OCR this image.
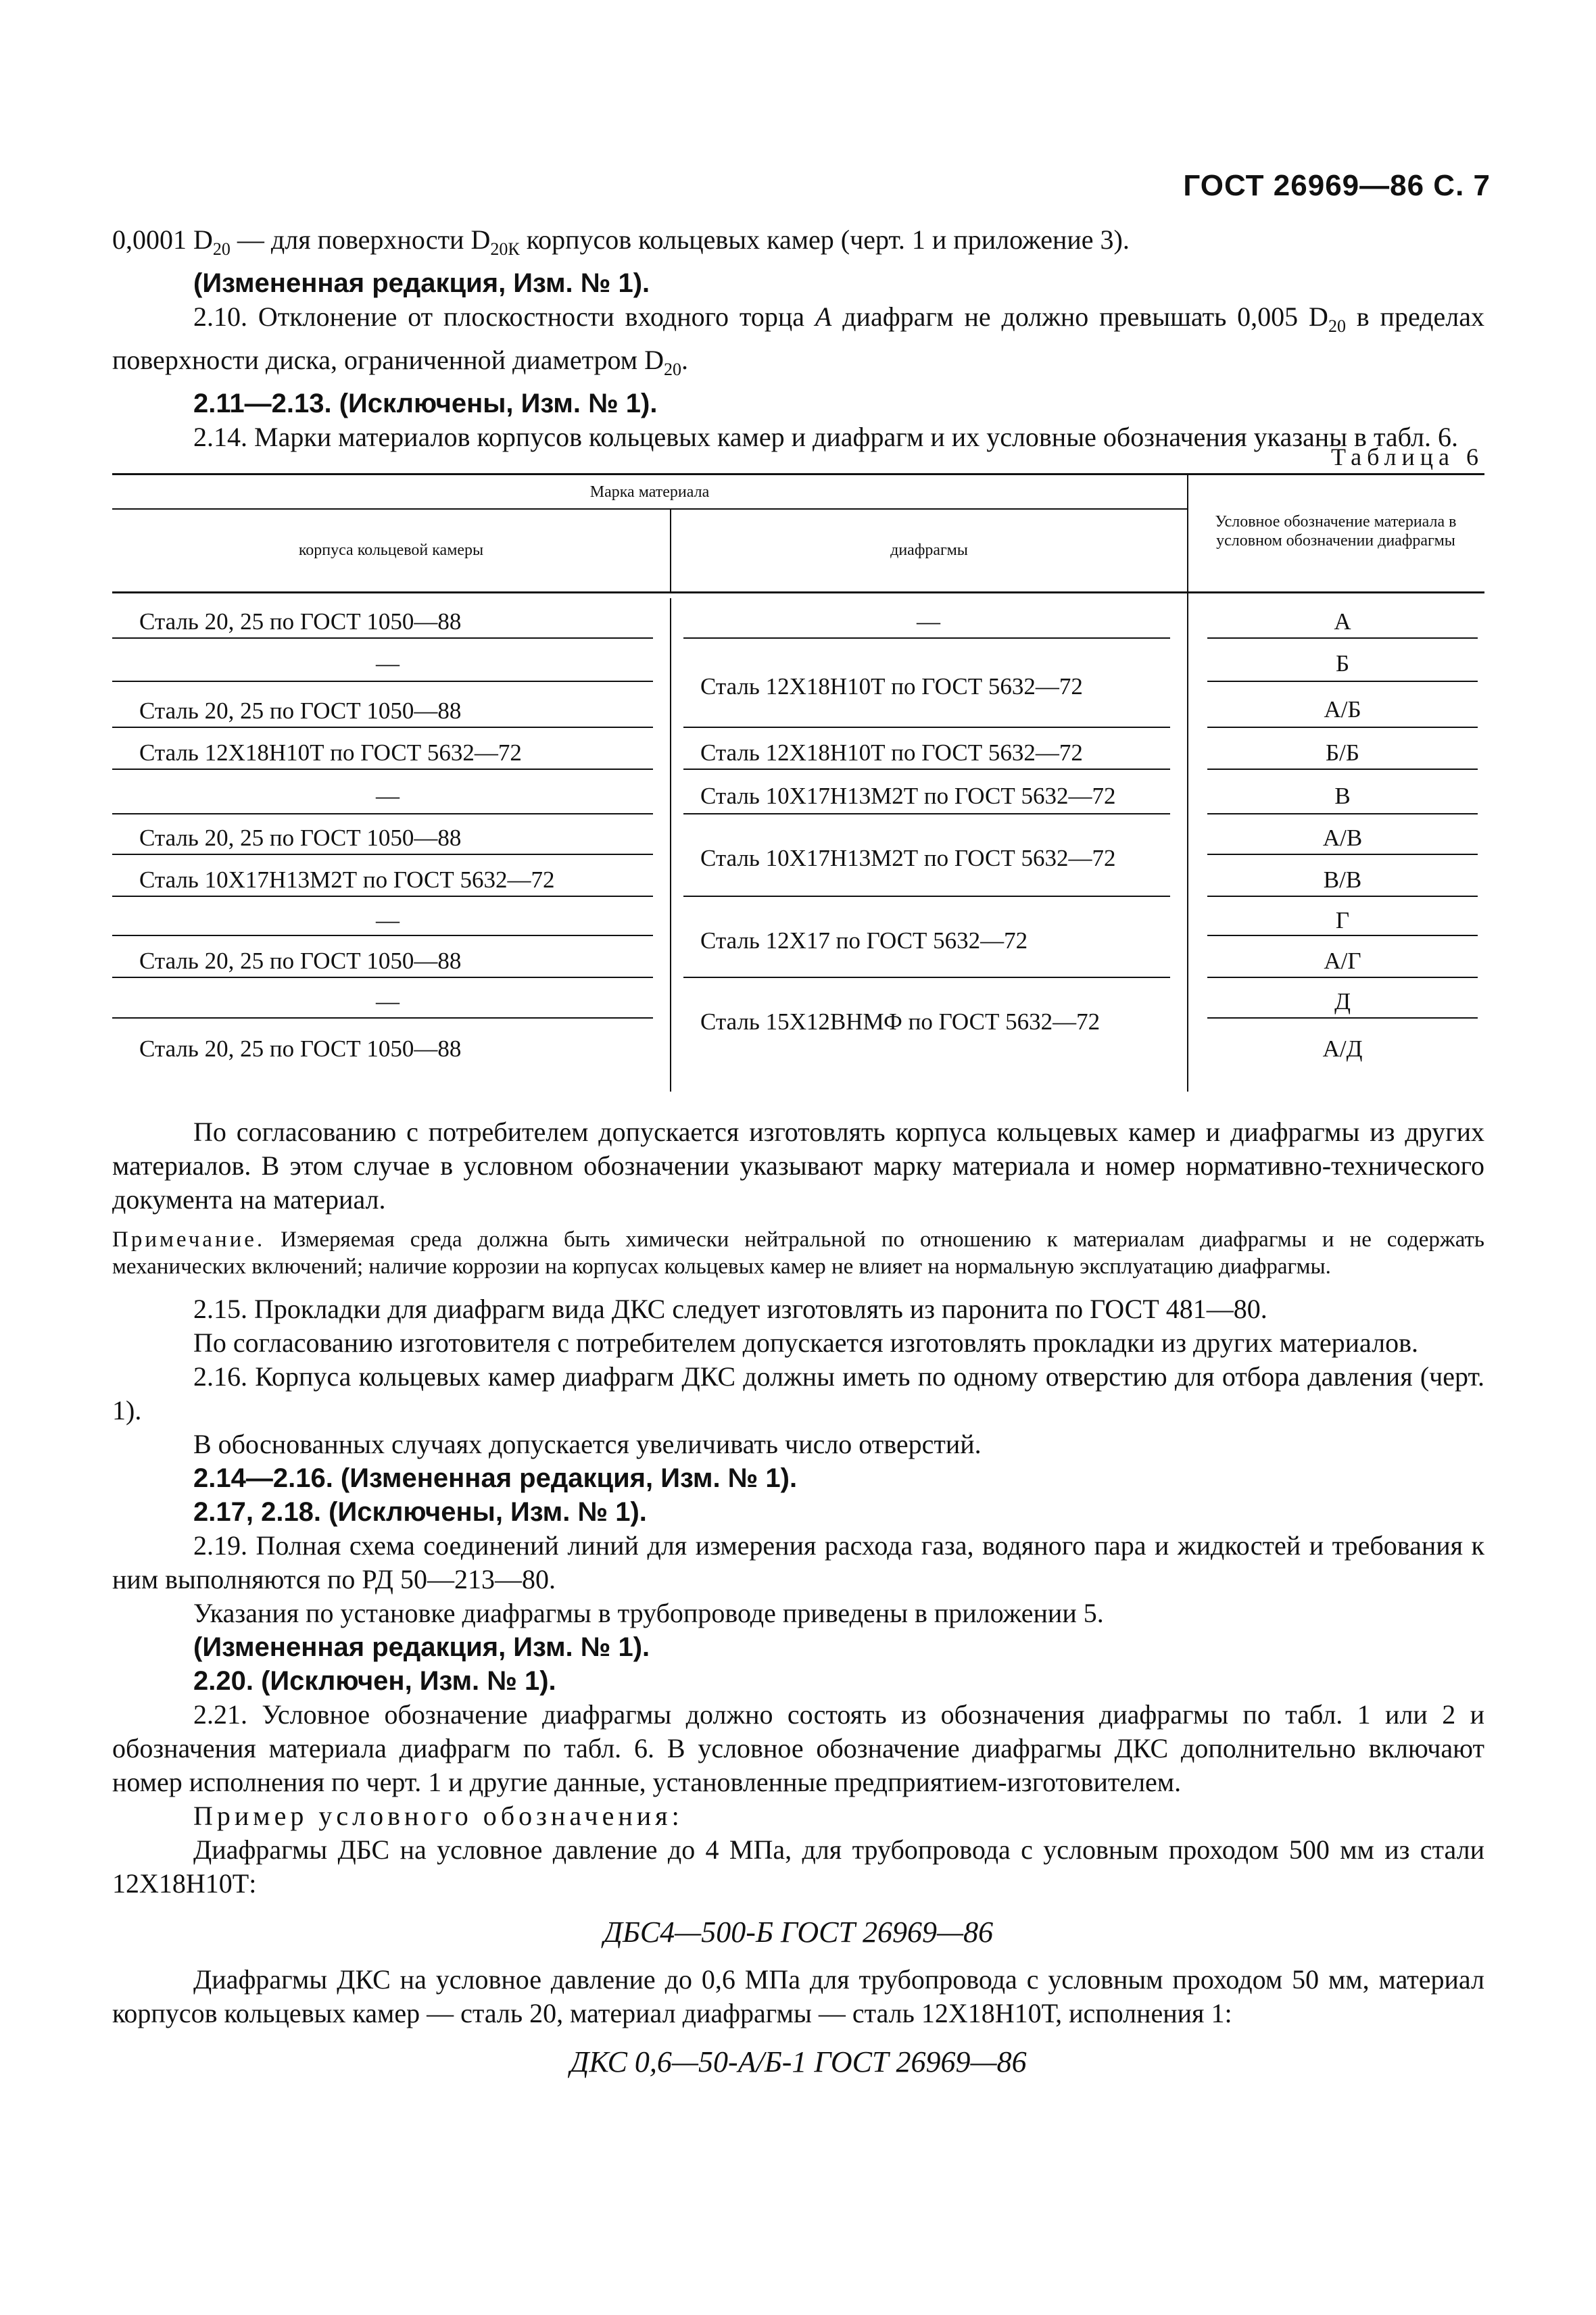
ГОСТ 26969—86 С. 7

0,0001 $D_{20}$ — для поверхности $D_{20К}$ корпусов кольцевых камер (черт. 1 и приложение 3).

(Измененная редакция, Изм. № 1).

2.10. Отклонение от плоскостности входного торца А диафрагм не должно превышать 0,005 $D_{20}$ в пределах поверхности диска, ограниченной диаметром $D_{20}$.

2.11—2.13. (Исключены, Изм. № 1).

2.14. Марки материалов корпусов кольцевых камер и диафрагм и их условные обозначения указаны в табл. 6.

Таблица 6
Марка материала
корпуса кольцевой камеры	диафрагмы
Условное обозначение материала в условном обозначении диафрагмы
Сталь 20, 25 по ГОСТ 1050—88
—
Сталь 20, 25 по ГОСТ 1050—88
Сталь 12Х18Н10Т по ГОСТ 5632—72
—
Сталь 20, 25 по ГОСТ 1050—88
Сталь 10Х17Н13М2Т по ГОСТ 5632—72
—
Сталь 20, 25 по ГОСТ 1050—88
—
Сталь 20, 25 по ГОСТ 1050—88
—
Сталь 12Х18Н10Т по ГОСТ 5632—72
Сталь 12Х18Н10Т по ГОСТ 5632—72
Сталь 10Х17Н13М2Т по ГОСТ 5632—72
Сталь 10Х17Н13М2Т по ГОСТ 5632—72
Сталь 12Х17 по ГОСТ 5632—72
Сталь 15Х12ВНМФ по ГОСТ 5632—72
А
Б
А/Б
Б/Б
В
А/В
В/В
Г
А/Г
Д
А/Д

По согласованию с потребителем допускается изготовлять корпуса кольцевых камер и диафрагмы из других материалов. В этом случае в условном обозначении указывают марку материала и номер нормативно-технического документа на материал.

Примечание. Измеряемая среда должна быть химически нейтральной по отношению к материалам диафрагмы и не содержать механических включений; наличие коррозии на корпусах кольцевых камер не влияет на нормальную эксплуатацию диафрагмы.

2.15. Прокладки для диафрагм вида ДКС следует изготовлять из паронита по ГОСТ 481—80.

По согласованию изготовителя с потребителем допускается изготовлять прокладки из других материалов.

2.16. Корпуса кольцевых камер диафрагм ДКС должны иметь по одному отверстию для отбора давления (черт. 1).

В обоснованных случаях допускается увеличивать число отверстий.

2.14—2.16. (Измененная редакция, Изм. № 1).

2.17, 2.18. (Исключены, Изм. № 1).

2.19. Полная схема соединений линий для измерения расхода газа, водяного пара и жидкостей и требования к ним выполняются по РД 50—213—80.

Указания по установке диафрагмы в трубопроводе приведены в приложении 5.

(Измененная редакция, Изм. № 1).

2.20. (Исключен, Изм. № 1).

2.21. Условное обозначение диафрагмы должно состоять из обозначения диафрагмы по табл. 1 или 2 и обозначения материала диафрагм по табл. 6. В условное обозначение диафрагмы ДКС дополнительно включают номер исполнения по черт. 1 и другие данные, установленные предприятием-изготовителем.

Пример условного обозначения:

Диафрагмы ДБС на условное давление до 4 МПа, для трубопровода с условным проходом 500 мм из стали 12Х18Н10Т:

ДБС4—500-Б ГОСТ 26969—86

Диафрагмы ДКС на условное давление до 0,6 МПа для трубопровода с условным проходом 50 мм, материал корпусов кольцевых камер — сталь 20, материал диафрагмы — сталь 12Х18Н10Т, исполнения 1:

ДКС 0,6—50-А/Б-1 ГОСТ 26969—86
